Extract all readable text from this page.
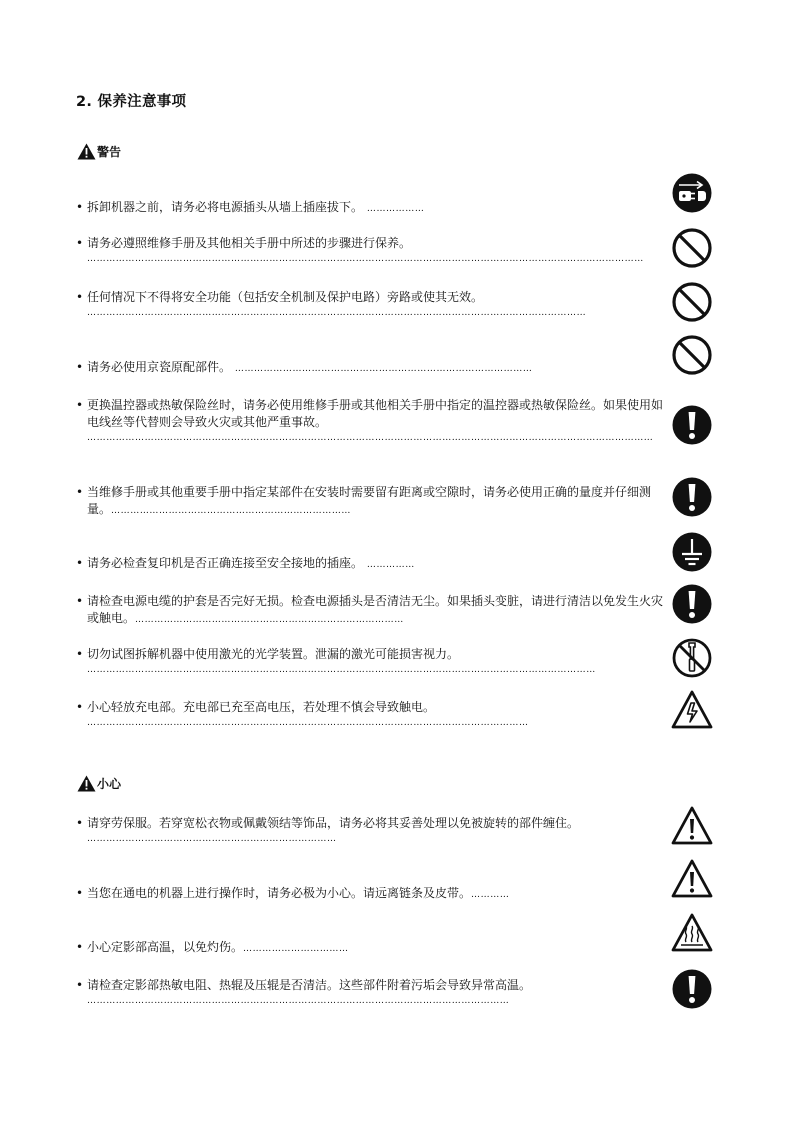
2. 保养注意事项
警告
• 拆卸机器之前，请务必将电源插头从墙上插座拔下。 ………………
• 请务必遵照维修手册及其他相关手册中所述的步骤进行保养。
…………………………………………………………………………………………………………………………………………………………
• 任何情况下不得将安全功能（包括安全机制及保护电路）旁路或使其无效。
…………………………………………………………………………………………………………………………………………
• 请务必使用京瓷原配部件。 …………………………………………………………………………………
• 更换温控器或热敏保险丝时，请务必使用维修手册或其他相关手册中指定的温控器或热敏保险丝。如果使用如电线丝等代替则会导致火灾或其他严重事故。
……………………………………………………………………………………………………………………………………………………………
• 当维修手册或其他重要手册中指定某部件在安装时需要留有距离或空隙时，请务必使用正确的量度并仔细测量。…………………………………………………………………
• 请务必检查复印机是否正确连接至安全接地的插座。 ……………
• 请检查电源电缆的护套是否完好无损。检查电源插头是否清洁无尘。如果插头变脏，请进行清洁以免发生火灾或触电。…………………………………………………………………………
• 切勿试图拆解机器中使用激光的光学装置。泄漏的激光可能损害视力。
……………………………………………………………………………………………………………………………………………
• 小心轻放充电部。充电部已充至高电压，若处理不慎会导致触电。
…………………………………………………………………………………………………………………………
小心
• 请穿劳保服。若穿宽松衣物或佩戴领结等饰品，请务必将其妥善处理以免被旋转的部件缠住。
……………………………………………………………………
• 当您在通电的机器上进行操作时，请务必极为小心。请远离链条及皮带。…………
• 小心定影部高温，以免灼伤。……………………………
• 请检查定影部热敏电阻、热辊及压辊是否清洁。这些部件附着污垢会导致异常高温。
……………………………………………………………………………………………………………………
